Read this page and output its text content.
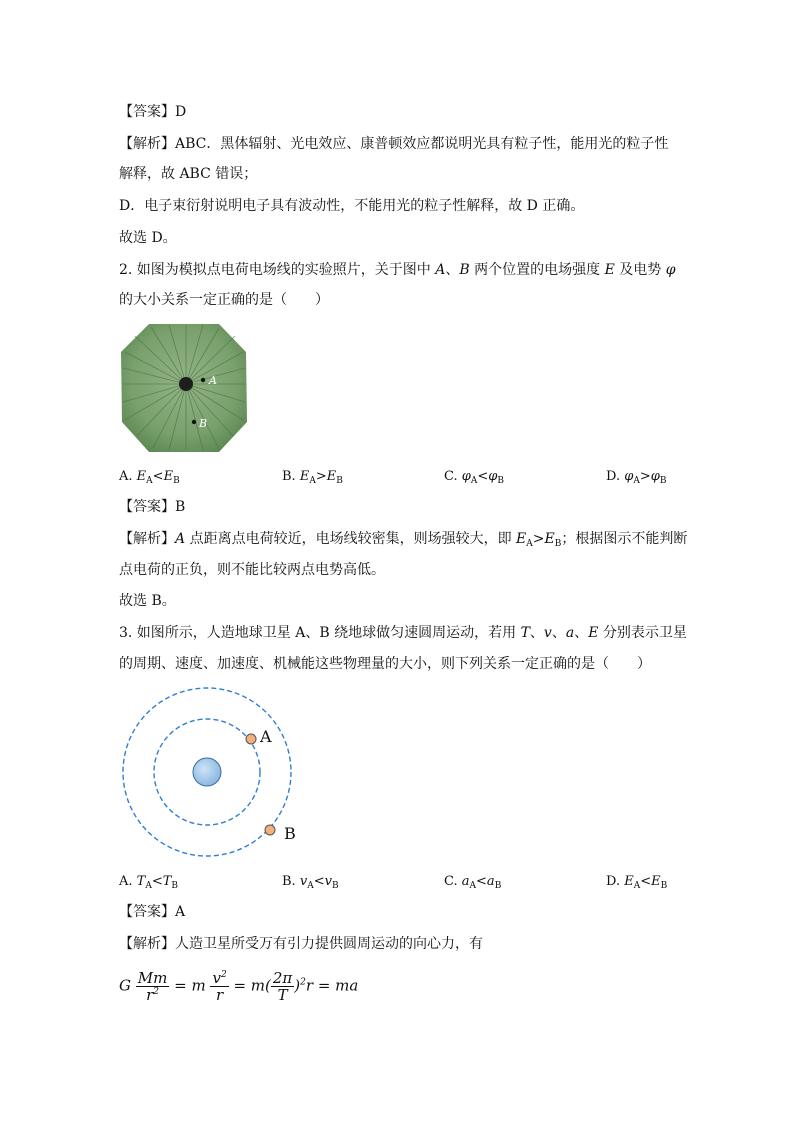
【答案】D
【解析】ABC．黑体辐射、光电效应、康普顿效应都说明光具有粒子性，能用光的粒子性
解释，故 ABC 错误；
D．电子束衍射说明电子具有波动性，不能用光的粒子性解释，故 D 正确。
故选 D。
2. 如图为模拟点电荷电场线的实验照片，关于图中 A、B 两个位置的电场强度 E 及电势 φ
的大小关系一定正确的是（　　）
A
B
A. $E_A<E_B$	B. $E_A>E_B$	C. $\varphi_A<\varphi_B$	D. $\varphi_A>\varphi_B$
【答案】B
【解析】A 点距离点电荷较近，电场线较密集，则场强较大，即 $E_A>E_B$；根据图示不能判断
点电荷的正负，则不能比较两点电势高低。
故选 B。
3. 如图所示，人造地球卫星 A、B 绕地球做匀速圆周运动，若用 T、v、a、E 分别表示卫星
的周期、速度、加速度、机械能这些物理量的大小，则下列关系一定正确的是（　　）
A
B
A. $T_A<T_B$	B. $v_A<v_B$	C. $a_A<a_B$	D. $E_A<E_B$
【答案】A
【解析】人造卫星所受万有引力提供圆周运动的向心力，有
G $\frac{Mm}{r^2} = m \frac{v^2}{r} = m( \frac{2\pi}{T} )^2r$ = ma
